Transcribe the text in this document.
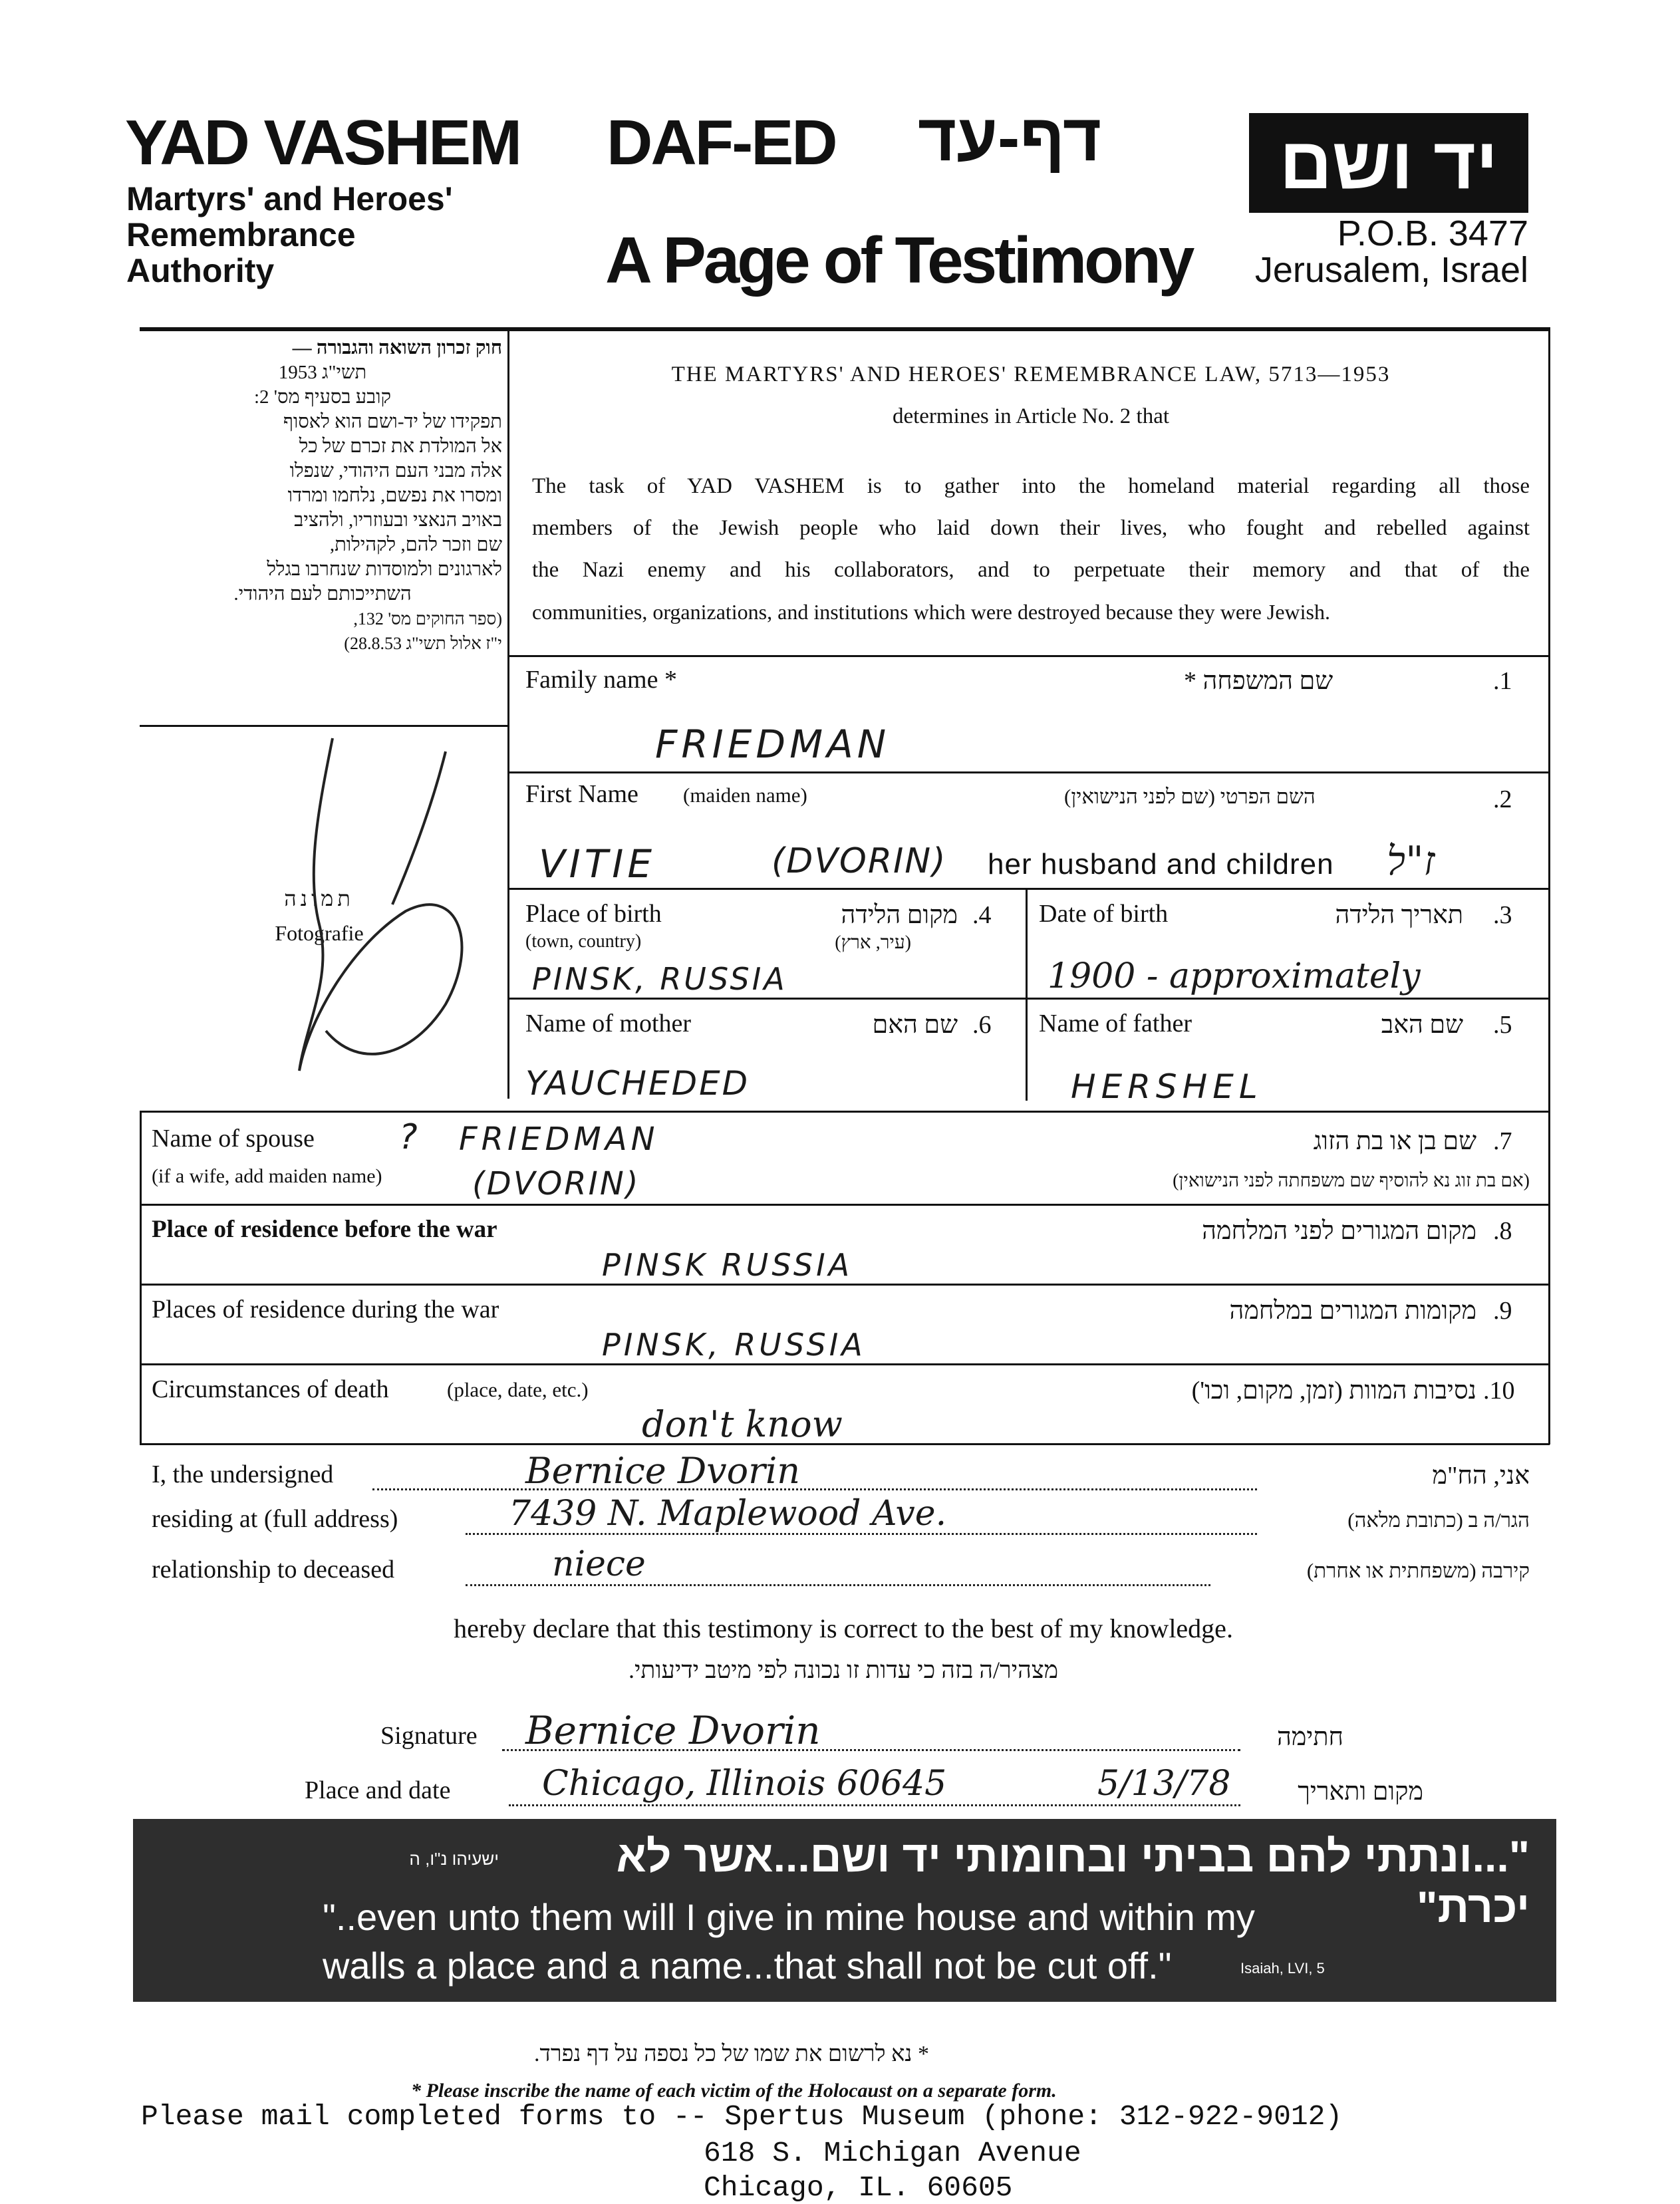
YAD VASHEM
Martyrs' and Heroes'
Remembrance
Authority
DAF-ED דף-עד
A Page of Testimony
יד ושם
P.O.B. 3477
Jerusalem, Israel
חוק זכרון השואה והגבורה —
תשי"ג 1953
קובע בסעיף מס' 2:
תפקידו של יד-ושם הוא לאסוף
אל המולדת את זכרם של כל
אלה מבני העם היהודי, שנפלו
ומסרו את נפשם, נלחמו ומרדו
באויב הנאצי ובעוזריו, ולהציב
שם וזכר להם, לקהילות,
לארגונים ולמוסדות שנחרבו בגלל
השתייכותם לעם היהודי.
(ספר החוקים מס' 132,
י"ז אלול תשי"ג 28.8.53)
THE MARTYRS' AND HEROES' REMEMBRANCE LAW, 5713—1953
determines in Article No. 2 that
The task of YAD VASHEM is to gather into the homeland material regarding all those
members of the Jewish people who laid down their lives, who fought and rebelled against
the Nazi enemy and his collaborators, and to perpetuate their memory and that of the
communities, organizations, and institutions which were destroyed because they were Jewish.
תמונה
Fotografie
Family name *	שם המשפחה *	.1
FRIEDMAN
First Name (maiden name)	השם הפרטי (שם לפני הנישואין)	.2
VITIE	(DVORIN) her husband and children ז"ל
Place of birth
(town, country)
מקום הלידה
(עיר, ארץ)
.4
PINSK, RUSSIA
Date of birth	תאריך הלידה .3
1900 - approximately
Name of mother	שם האם .6
YAUCHEDED
Name of father	שם האב .5
HERSHEL
Name of spouse
(if a wife, add maiden name)
? FRIEDMAN
(DVORIN)
שם בן או בת הזוג
(אם בת זוג נא להוסיף שם משפחתה לפני הנישואין)
.7
Place of residence before the war	מקום המגורים לפני המלחמה .8
PINSK RUSSIA
Places of residence during the war	מקומות המגורים במלחמה .9
PINSK, RUSSIA
Circumstances of death	(place, date, etc.)	נסיבות המוות (זמן, מקום, וכו') .10
don't know
I, the undersigned	Bernice Dvorin	אני, הח"מ
residing at (full address)	7439 N. Maplewood Ave.	הגר/ה ב (כתובת מלאה)
relationship to deceased	niece	קירבה (משפחתית או אחרת)
hereby declare that this testimony is correct to the best of my knowledge.
מצהיר/ה בזה כי עדות זו נכונה לפי מיטב ידיעותי.
Signature Bernice Dvorin	חתימה
Place and date	Chicago, Illinois 60645	5/13/78	מקום ותאריך
"...ונתתי להם בביתי ובחומותי יד ושם...אשר לא יכרת"
ישעיהו נ"ו, ה
"..even unto them will I give in mine house and within my
walls a place and a name...that shall not be cut off."	Isaiah, LVI, 5
* נא לרשום את שמו של כל נספה על דף נפרד.
* Please inscribe the name of each victim of the Holocaust on a separate form.
Please mail completed forms to -- Spertus Museum (phone: 312-922-9012)
618 S. Michigan Avenue
Chicago, IL. 60605
